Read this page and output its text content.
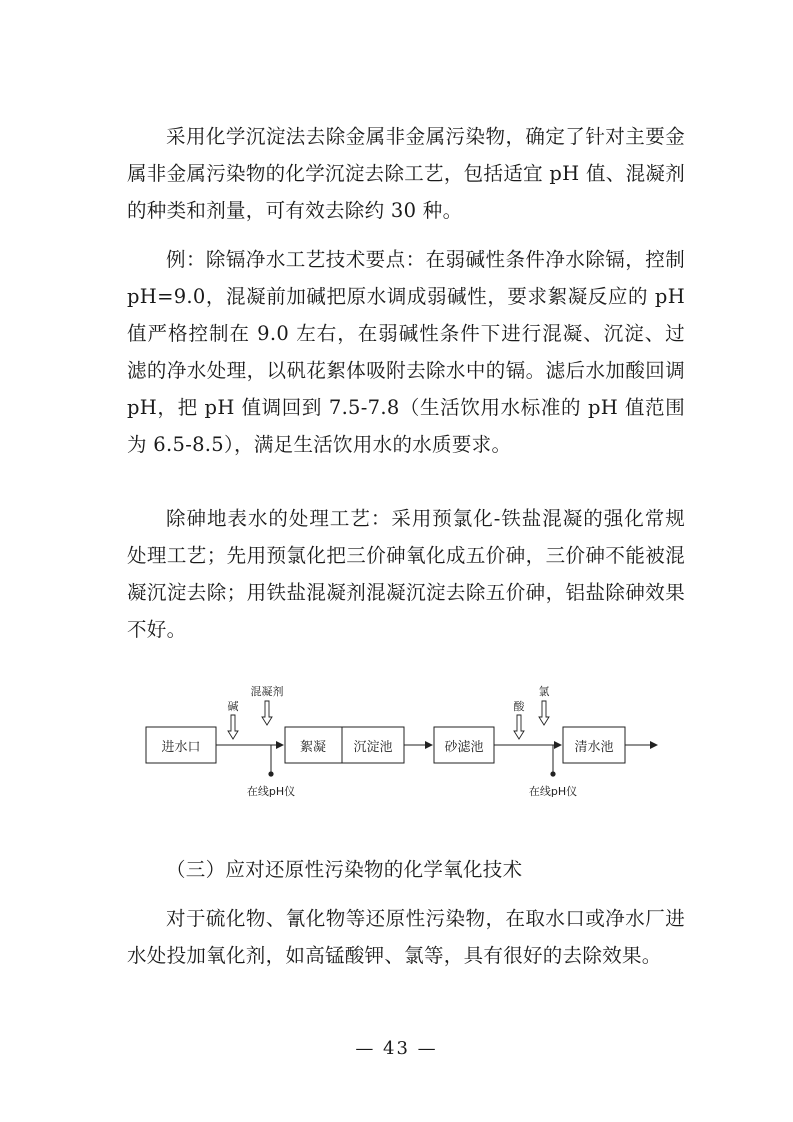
采用化学沉淀法去除金属非金属污染物，确定了针对主要金属非金属污染物的化学沉淀去除工艺，包括适宜 pH 值、混凝剂的种类和剂量，可有效去除约 30 种。

例：除镉净水工艺技术要点：在弱碱性条件净水除镉，控制 pH=9.0，混凝前加碱把原水调成弱碱性，要求絮凝反应的 pH 值严格控制在 9.0 左右，在弱碱性条件下进行混凝、沉淀、过滤的净水处理，以矾花絮体吸附去除水中的镉。滤后水加酸回调 pH，把 pH 值调回到 7.5-7.8（生活饮用水标准的 pH 值范围为 6.5-8.5），满足生活饮用水的水质要求。

除砷地表水的处理工艺：采用预氯化-铁盐混凝的强化常规处理工艺；先用预氯化把三价砷氧化成五价砷，三价砷不能被混凝沉淀去除；用铁盐混凝剂混凝沉淀去除五价砷，铝盐除砷效果不好。

进水口	絮凝 沉淀池	砂滤池	清水池
碱
混凝剂
酸
氯
在线pH仪	在线pH仪

（三）应对还原性污染物的化学氧化技术

对于硫化物、氰化物等还原性污染物，在取水口或净水厂进水处投加氧化剂，如高锰酸钾、氯等，具有很好的去除效果。

— 43 —
